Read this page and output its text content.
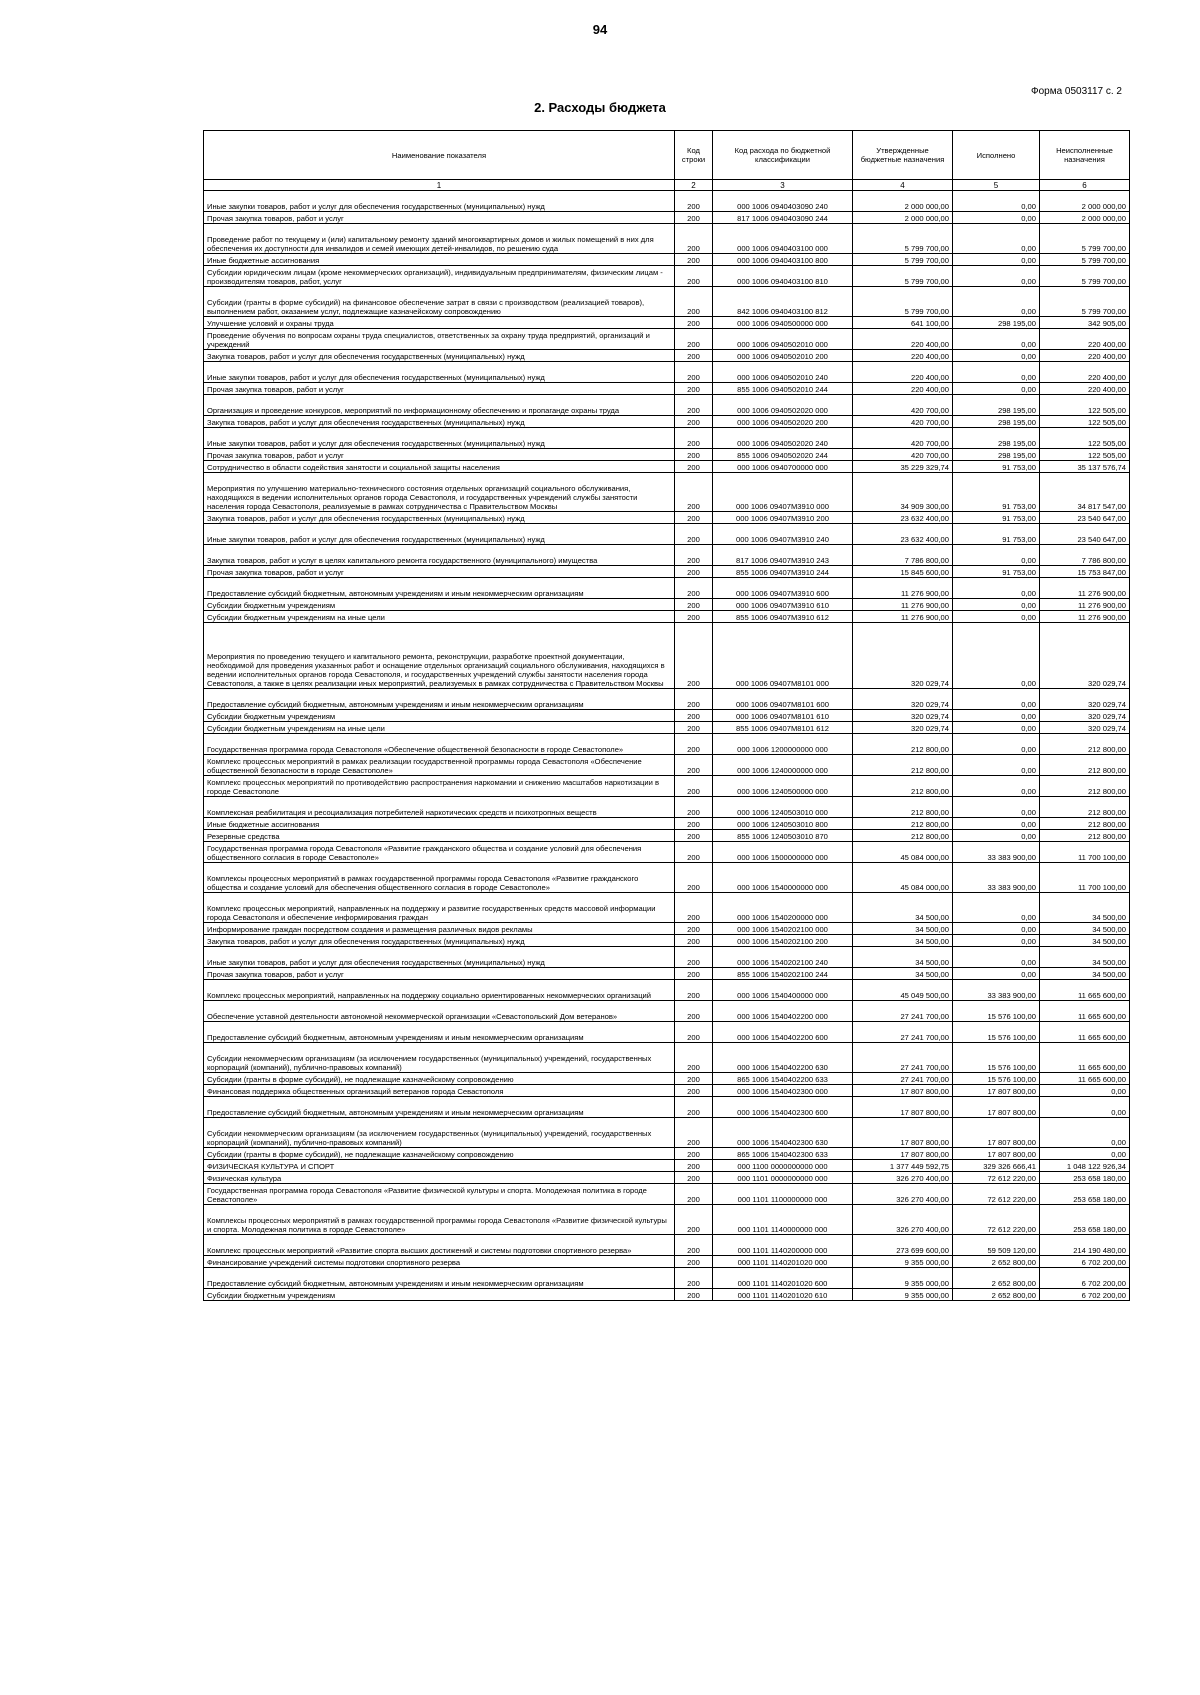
94
Форма 0503117 с. 2
2. Расходы бюджета
Наименование показателя	Код строки	Код расхода по бюджетной классификации	Утвержденные бюджетные назначения	Исполнено	Неисполненные назначения
1	2	3	4	5	6
Иные закупки товаров, работ и услуг для обеспечения государственных (муниципальных) нужд	200	000 1006 0940403090 240	2 000 000,00	0,00	2 000 000,00
Прочая закупка товаров, работ и услуг	200	817 1006 0940403090 244	2 000 000,00	0,00	2 000 000,00
Проведение работ по текущему и (или) капитальному ремонту зданий многоквартирных домов и жилых помещений в них для обеспечения их доступности для инвалидов и семей имеющих детей-инвалидов, по решению суда	200	000 1006 0940403100 000	5 799 700,00	0,00	5 799 700,00
Иные бюджетные ассигнования	200	000 1006 0940403100 800	5 799 700,00	0,00	5 799 700,00
Субсидии юридическим лицам (кроме некоммерческих организаций), индивидуальным предпринимателям, физическим лицам - производителям товаров, работ, услуг	200	000 1006 0940403100 810	5 799 700,00	0,00	5 799 700,00
Субсидии (гранты в форме субсидий) на финансовое обеспечение затрат в связи с производством (реализацией товаров), выполнением работ, оказанием услуг, подлежащие казначейскому сопровождению	200	842 1006 0940403100 812	5 799 700,00	0,00	5 799 700,00
Улучшение условий и охраны труда	200	000 1006 0940500000 000	641 100,00	298 195,00	342 905,00
Проведение обучения по вопросам охраны труда специалистов, ответственных за охрану труда предприятий, организаций и учреждений	200	000 1006 0940502010 000	220 400,00	0,00	220 400,00
Закупка товаров, работ и услуг для обеспечения государственных (муниципальных) нужд	200	000 1006 0940502010 200	220 400,00	0,00	220 400,00
Иные закупки товаров, работ и услуг для обеспечения государственных (муниципальных) нужд	200	000 1006 0940502010 240	220 400,00	0,00	220 400,00
Прочая закупка товаров, работ и услуг	200	855 1006 0940502010 244	220 400,00	0,00	220 400,00
Организация и проведение конкурсов, мероприятий по информационному обеспечению и пропаганде охраны труда	200	000 1006 0940502020 000	420 700,00	298 195,00	122 505,00
Закупка товаров, работ и услуг для обеспечения государственных (муниципальных) нужд	200	000 1006 0940502020 200	420 700,00	298 195,00	122 505,00
Иные закупки товаров, работ и услуг для обеспечения государственных (муниципальных) нужд	200	000 1006 0940502020 240	420 700,00	298 195,00	122 505,00
Прочая закупка товаров, работ и услуг	200	855 1006 0940502020 244	420 700,00	298 195,00	122 505,00
Сотрудничество в области содействия занятости и социальной защиты населения	200	000 1006 0940700000 000	35 229 329,74	91 753,00	35 137 576,74
Мероприятия по улучшению материально-технического состояния отдельных организаций социального обслуживания, находящихся в ведении исполнительных органов города Севастополя, и государственных учреждений службы занятости населения города Севастополя, реализуемые в рамках сотрудничества с Правительством Москвы	200	000 1006 09407М3910 000	34 909 300,00	91 753,00	34 817 547,00
Закупка товаров, работ и услуг для обеспечения государственных (муниципальных) нужд	200	000 1006 09407М3910 200	23 632 400,00	91 753,00	23 540 647,00
Иные закупки товаров, работ и услуг для обеспечения государственных (муниципальных) нужд	200	000 1006 09407М3910 240	23 632 400,00	91 753,00	23 540 647,00
Закупка товаров, работ и услуг в целях капитального ремонта государственного (муниципального) имущества	200	817 1006 09407М3910 243	7 786 800,00	0,00	7 786 800,00
Прочая закупка товаров, работ и услуг	200	855 1006 09407М3910 244	15 845 600,00	91 753,00	15 753 847,00
Предоставление субсидий бюджетным, автономным учреждениям и иным некоммерческим организациям	200	000 1006 09407М3910 600	11 276 900,00	0,00	11 276 900,00
Субсидии бюджетным учреждениям	200	000 1006 09407М3910 610	11 276 900,00	0,00	11 276 900,00
Субсидии бюджетным учреждениям на иные цели	200	855 1006 09407М3910 612	11 276 900,00	0,00	11 276 900,00
Мероприятия по проведению текущего и капитального ремонта, реконструкции, разработке проектной документации, необходимой для проведения указанных работ и оснащение отдельных организаций социального обслуживания, находящихся в ведении исполнительных органов города Севастополя, и государственных учреждений службы занятости населения города Севастополя, а также в целях реализации иных мероприятий, реализуемых в рамках сотрудничества с Правительством Москвы	200	000 1006 09407М8101 000	320 029,74	0,00	320 029,74
Предоставление субсидий бюджетным, автономным учреждениям и иным некоммерческим организациям	200	000 1006 09407М8101 600	320 029,74	0,00	320 029,74
Субсидии бюджетным учреждениям	200	000 1006 09407М8101 610	320 029,74	0,00	320 029,74
Субсидии бюджетным учреждениям на иные цели	200	855 1006 09407М8101 612	320 029,74	0,00	320 029,74
Государственная программа города Севастополя «Обеспечение общественной безопасности в городе Севастополе»	200	000 1006 1200000000 000	212 800,00	0,00	212 800,00
Комплекс процессных мероприятий в рамках реализации государственной программы города Севастополя «Обеспечение общественной безопасности в городе Севастополе»	200	000 1006 1240000000 000	212 800,00	0,00	212 800,00
Комплекс процессных мероприятий по противодействию распространения наркомании и снижению масштабов наркотизации в городе Севастополе	200	000 1006 1240500000 000	212 800,00	0,00	212 800,00
Комплексная реабилитация и ресоциализация потребителей наркотических средств и психотропных веществ	200	000 1006 1240503010 000	212 800,00	0,00	212 800,00
Иные бюджетные ассигнования	200	000 1006 1240503010 800	212 800,00	0,00	212 800,00
Резервные средства	200	855 1006 1240503010 870	212 800,00	0,00	212 800,00
Государственная программа города Севастополя «Развитие гражданского общества и создание условий для обеспечения общественного согласия в городе Севастополе»	200	000 1006 1500000000 000	45 084 000,00	33 383 900,00	11 700 100,00
Комплексы процессных мероприятий в рамках государственной программы города Севастополя «Развитие гражданского общества и создание условий для обеспечения общественного согласия в городе Севастополе»	200	000 1006 1540000000 000	45 084 000,00	33 383 900,00	11 700 100,00
Комплекс процессных мероприятий, направленных на поддержку и развитие государственных средств массовой информации города Севастополя и обеспечение информирования граждан	200	000 1006 1540200000 000	34 500,00	0,00	34 500,00
Информирование граждан посредством создания и размещения различных видов рекламы	200	000 1006 1540202100 000	34 500,00	0,00	34 500,00
Закупка товаров, работ и услуг для обеспечения государственных (муниципальных) нужд	200	000 1006 1540202100 200	34 500,00	0,00	34 500,00
Иные закупки товаров, работ и услуг для обеспечения государственных (муниципальных) нужд	200	000 1006 1540202100 240	34 500,00	0,00	34 500,00
Прочая закупка товаров, работ и услуг	200	855 1006 1540202100 244	34 500,00	0,00	34 500,00
Комплекс процессных мероприятий, направленных на поддержку социально ориентированных некоммерческих организаций	200	000 1006 1540400000 000	45 049 500,00	33 383 900,00	11 665 600,00
Обеспечение уставной деятельности автономной некоммерческой организации «Севастопольский Дом ветеранов»	200	000 1006 1540402200 000	27 241 700,00	15 576 100,00	11 665 600,00
Предоставление субсидий бюджетным, автономным учреждениям и иным некоммерческим организациям	200	000 1006 1540402200 600	27 241 700,00	15 576 100,00	11 665 600,00
Субсидии некоммерческим организациям (за исключением государственных (муниципальных) учреждений, государственных корпораций (компаний), публично-правовых компаний)	200	000 1006 1540402200 630	27 241 700,00	15 576 100,00	11 665 600,00
Субсидии (гранты в форме субсидий), не подлежащие казначейскому сопровождению	200	865 1006 1540402200 633	27 241 700,00	15 576 100,00	11 665 600,00
Финансовая поддержка общественных организаций ветеранов города Севастополя	200	000 1006 1540402300 000	17 807 800,00	17 807 800,00	0,00
Предоставление субсидий бюджетным, автономным учреждениям и иным некоммерческим организациям	200	000 1006 1540402300 600	17 807 800,00	17 807 800,00	0,00
Субсидии некоммерческим организациям (за исключением государственных (муниципальных) учреждений, государственных корпораций (компаний), публично-правовых компаний)	200	000 1006 1540402300 630	17 807 800,00	17 807 800,00	0,00
Субсидии (гранты в форме субсидий), не подлежащие казначейскому сопровождению	200	865 1006 1540402300 633	17 807 800,00	17 807 800,00	0,00
ФИЗИЧЕСКАЯ КУЛЬТУРА И СПОРТ	200	000 1100 0000000000 000	1 377 449 592,75	329 326 666,41	1 048 122 926,34
Физическая культура	200	000 1101 0000000000 000	326 270 400,00	72 612 220,00	253 658 180,00
Государственная программа города Севастополя «Развитие физической культуры и спорта. Молодежная политика в городе Севастополе»	200	000 1101 1100000000 000	326 270 400,00	72 612 220,00	253 658 180,00
Комплексы процессных мероприятий в рамках государственной программы города Севастополя «Развитие физической культуры и спорта. Молодежная политика в городе Севастополе»	200	000 1101 1140000000 000	326 270 400,00	72 612 220,00	253 658 180,00
Комплекс процессных мероприятий «Развитие спорта высших достижений и системы подготовки спортивного резерва»	200	000 1101 1140200000 000	273 699 600,00	59 509 120,00	214 190 480,00
Финансирование учреждений системы подготовки спортивного резерва	200	000 1101 1140201020 000	9 355 000,00	2 652 800,00	6 702 200,00
Предоставление субсидий бюджетным, автономным учреждениям и иным некоммерческим организациям	200	000 1101 1140201020 600	9 355 000,00	2 652 800,00	6 702 200,00
Субсидии бюджетным учреждениям	200	000 1101 1140201020 610	9 355 000,00	2 652 800,00	6 702 200,00
